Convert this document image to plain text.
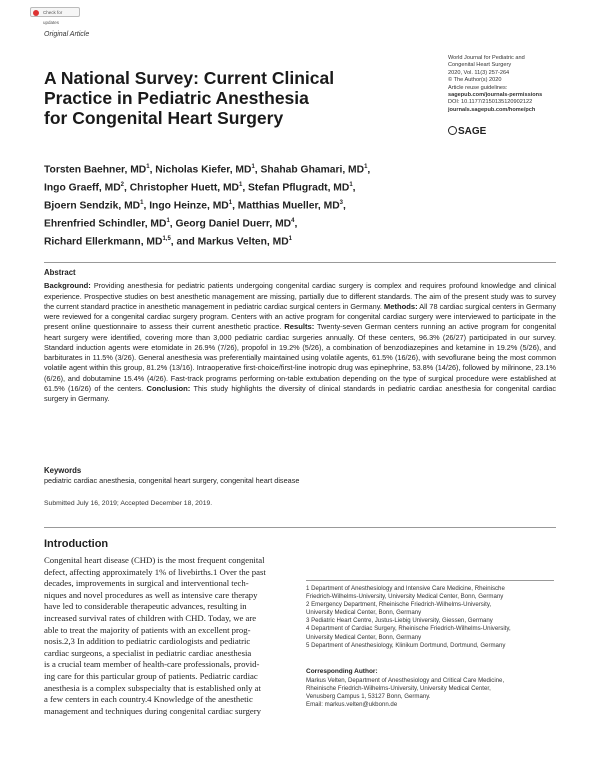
Check for updates
Original Article
A National Survey: Current Clinical
Practice in Pediatric Anesthesia
for Congenital Heart Surgery
World Journal for Pediatric and
Congenital Heart Surgery
2020, Vol. 11(3) 257-264
© The Author(s) 2020
Article reuse guidelines:
sagepub.com/journals-permissions
DOI: 10.1177/2150135120902122
journals.sagepub.com/home/pch
SAGE
Torsten Baehner, $MD^1$, Nicholas Kiefer, $MD^1$, Shahab Ghamari, $MD^1$,
Ingo Graeff, $MD^2$, Christopher Huett, $MD^1$, Stefan Pflugradt, $MD^1$,
Bjoern Sendzik, $MD^1$, Ingo Heinze, $MD^1$, Matthias Mueller, $MD^3$,
Ehrenfried Schindler, $MD^1$, Georg Daniel Duerr, $MD^4$,
Richard Ellerkmann, MD$^{1,5}$, and Markus Velten, $MD^1$
Abstract

Background: Providing anesthesia for pediatric patients undergoing congenital cardiac surgery is complex and requires profound knowledge and clinical experience. Prospective studies on best anesthetic management are missing, partially due to different standards. The aim of the present study was to survey the current standard practice in anesthetic management in pediatric cardiac surgical centers in Germany. Methods: All 78 cardiac surgical centers in Germany were reviewed for a congenital cardiac surgery program. Centers with an active program for congenital cardiac surgery were interviewed to participate in the present online questionnaire to assess their current anesthetic practice. Results: Twenty-seven German centers running an active program for congenital heart surgery were identified, covering more than 3,000 pediatric cardiac surgeries annually. Of these centers, 96.3% (26/27) participated in our survey. Standard induction agents were etomidate in 26.9% (7/26), propofol in 19.2% (5/26), a combination of benzodiazepines and ketamine in 19.2% (5/26), and barbiturates in 11.5% (3/26). General anesthesia was preferentially maintained using volatile agents, 61.5% (16/26), with sevoflurane being the most common volatile agent within this group, 81.2% (13/16). Intraoperative first-choice/first-line inotropic drug was epinephrine, 53.8% (14/26), followed by milrinone, 23.1% (6/26), and dobutamine 15.4% (4/26). Fast-track programs performing on-table extubation depending on the type of surgical procedure were established at 61.5% (16/26) of the centers. Conclusion: This study highlights the diversity of clinical standards in pediatric cardiac anesthesia for congenital cardiac surgery in Germany.

Keywords
pediatric cardiac anesthesia, congenital heart surgery, congenital heart disease
Submitted July 16, 2019; Accepted December 18, 2019.
Introduction
Congenital heart disease (CHD) is the most frequent congenital
defect, affecting approximately 1% of livebirths.1 Over the past
decades, improvements in surgical and interventional tech-
niques and novel procedures as well as intensive care therapy
have led to considerable therapeutic advances, resulting in
increased survival rates of children with CHD. Today, we are
able to treat the majority of patients with an excellent prog-
nosis.2,3 In addition to pediatric cardiologists and pediatric
cardiac surgeons, a specialist in pediatric cardiac anesthesia
is a crucial team member of health-care professionals, provid-
ing care for this particular group of patients. Pediatric cardiac
anesthesia is a complex subspecialty that is established only at
a few centers in each country.4 Knowledge of the anesthetic
management and techniques during congenital cardiac surgery
1 Department of Anesthesiology and Intensive Care Medicine, Rheinische
Friedrich-Wilhelms-University, University Medical Center, Bonn, Germany
2 Emergency Department, Rheinische Friedrich-Wilhelms-University,
University Medical Center, Bonn, Germany
3 Pediatric Heart Centre, Justus-Liebig University, Giessen, Germany
4 Department of Cardiac Surgery, Rheinische Friedrich-Wilhelms-University,
University Medical Center, Bonn, Germany
5 Department of Anesthesiology, Klinikum Dortmund, Dortmund, Germany
Corresponding Author:
Markus Velten, Department of Anesthesiology and Critical Care Medicine,
Rheinische Friedrich-Wilhelms-University, University Medical Center,
Venusberg Campus 1, 53127 Bonn, Germany.
Email: markus.velten@ukbonn.de
